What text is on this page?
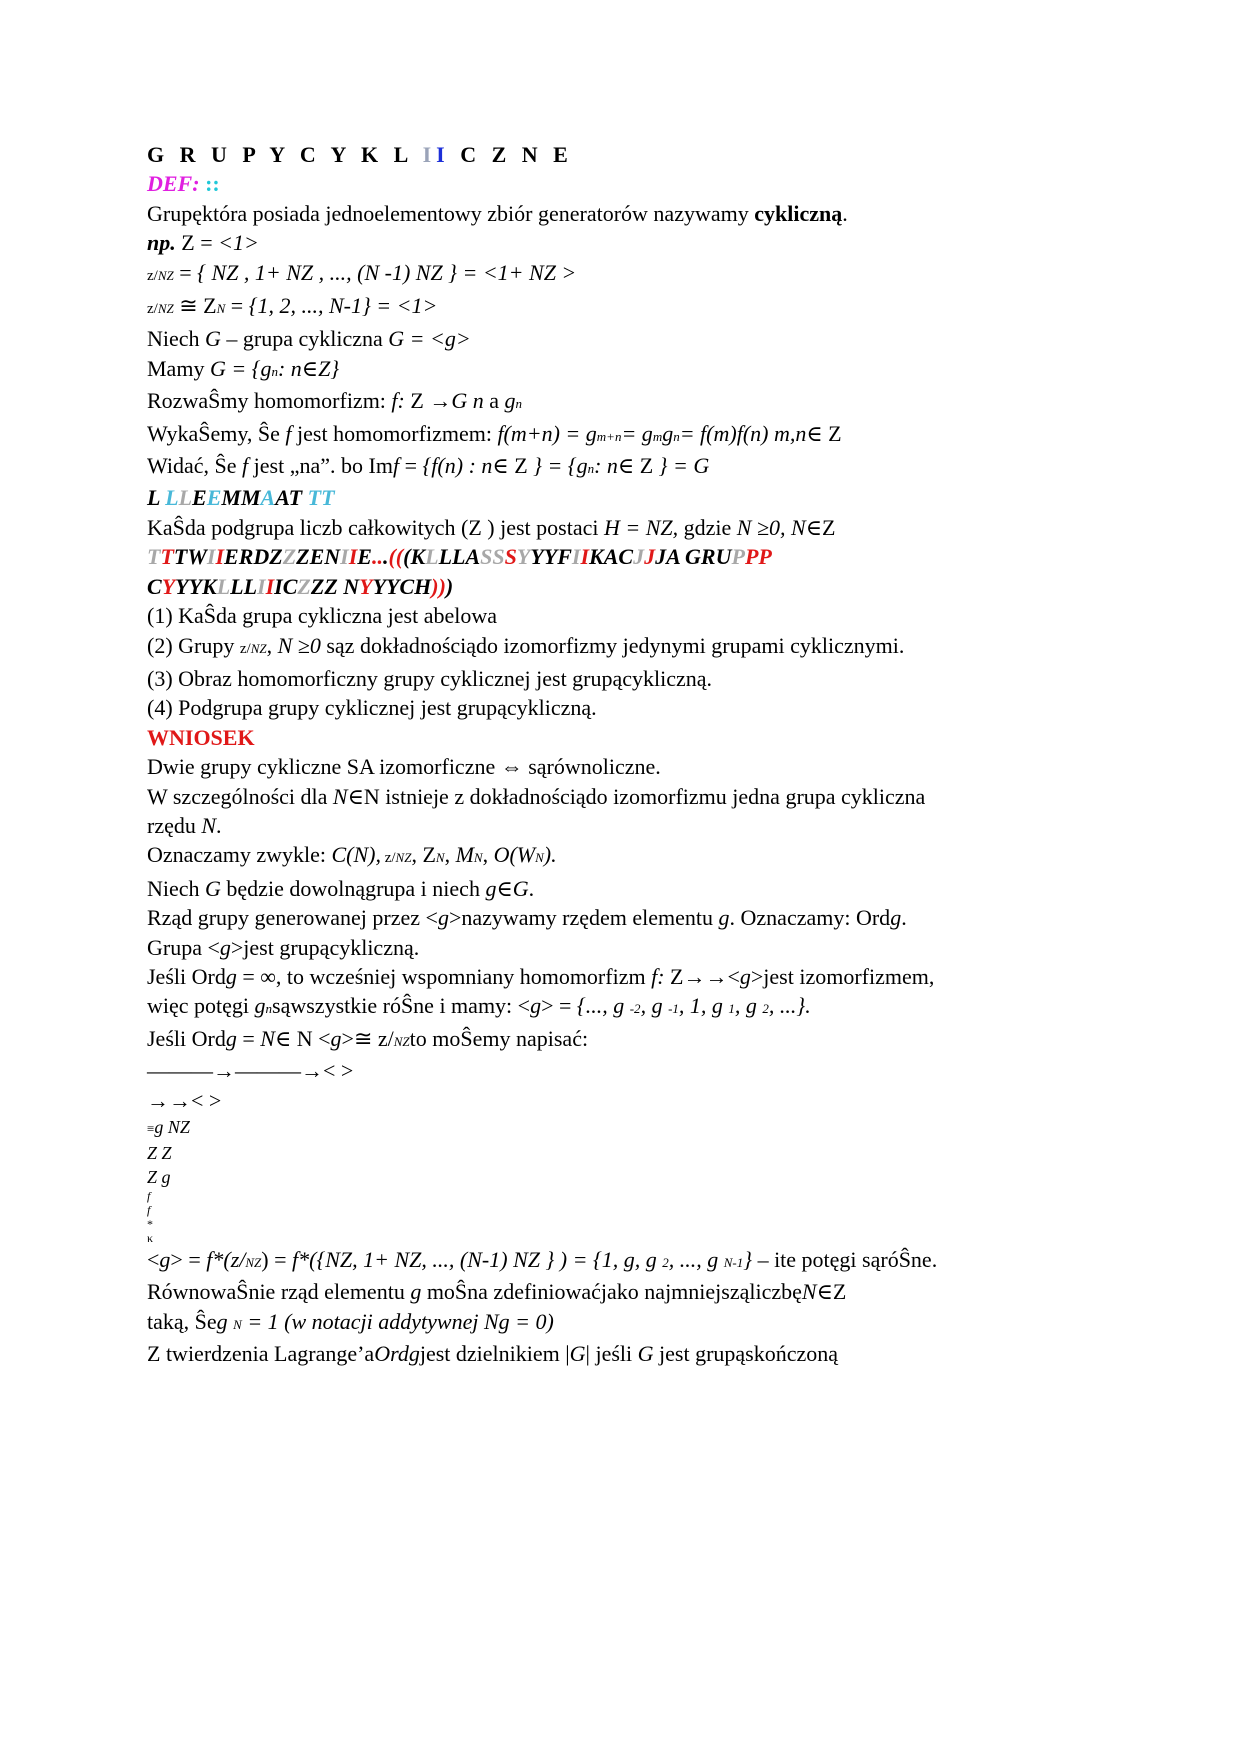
G R U P Y C Y K L II C Z N E
DEF: ::
Grupęktóra posiada jednoelementowy zbiór generatorów nazywamy cykliczną.
np. Z = <1>
z/NZ = { NZ , 1+ NZ , ..., (N -1) NZ } = <1+ NZ >
z/NZ ≅ ZN = {1, 2, ..., N-1} = <1>
Niech G – grupa cykliczna G = <g>
Mamy G = {gn: n∈Z}
RozwaŜmy homomorfizm: f: Z →G n a gn
WykaŜemy, Ŝe f jest homomorfizmem: f(m+n) = gm+n= gmgn= f(m)f(n) m,n∈ Z
Widać, Ŝe f jest „na”. bo Imf = {f(n) : n∈ Z } = {gn: n∈ Z } = G
L LLEEMMAAT TT
KaŜda podgrupa liczb całkowitych (Z ) jest postaci H = NZ, gdzie N ≥0, N∈Z
TTTWIIERDZZZENIIE...(((KLLLASSSYYYFIIKACJJJA GRUPPP
CYYYKLLLIIICZZZ NYYYCH)))
(1) KaŜda grupa cykliczna jest abelowa
(2) Grupy z/NZ, N ≥0 sąz dokładnościądo izomorfizmy jedynymi grupami cyklicznymi.
(3) Obraz homomorficzny grupy cyklicznej jest grupącykliczną.
(4) Podgrupa grupy cyklicznej jest grupącykliczną.
WNIOSEK
Dwie grupy cykliczne SA izomorficzne ⇔ sąrównoliczne.
W szczególności dla N∈N istnieje z dokładnościądo izomorfizmu jedna grupa cykliczna
rzędu N.
Oznaczamy zwykle: C(N), z/NZ, ZN, MN, O(WN).
Niech G będzie dowolnągrupa i niech g∈G.
Rząd grupy generowanej przez <g>nazywamy rzędem elementu g. Oznaczamy: Ordg.
Grupa <g>jest grupącykliczną.
Jeśli Ordg = ∞, to wcześniej wspomniany homomorfizm f: Z→→<g>jest izomorfizmem,
więc potęgi gnsąwszystkie róŜne i mamy: <g> = {..., g -2, g -1, 1, g 1, g 2, ...}.
Jeśli Ordg = N∈ N <g>≅ z/NZto moŜemy napisać:
———→———→< >
→→< >
≡g NZ
Z Z
Z g
f
f
*
κ
<g> = f*(z/NZ) = f*({NZ, 1+ NZ, ..., (N-1) NZ } ) = {1, g, g 2, ..., g N-1} – ite potęgi sąróŜne.
RównowaŜnie rząd elementu g moŜna zdefiniowaćjako najmniejsząliczbęN∈Z
taką, Ŝeg N = 1 (w notacji addytywnej Ng = 0)
Z twierdzenia Lagrange’aOrdgjest dzielnikiem |G| jeśli G jest grupąskończoną
